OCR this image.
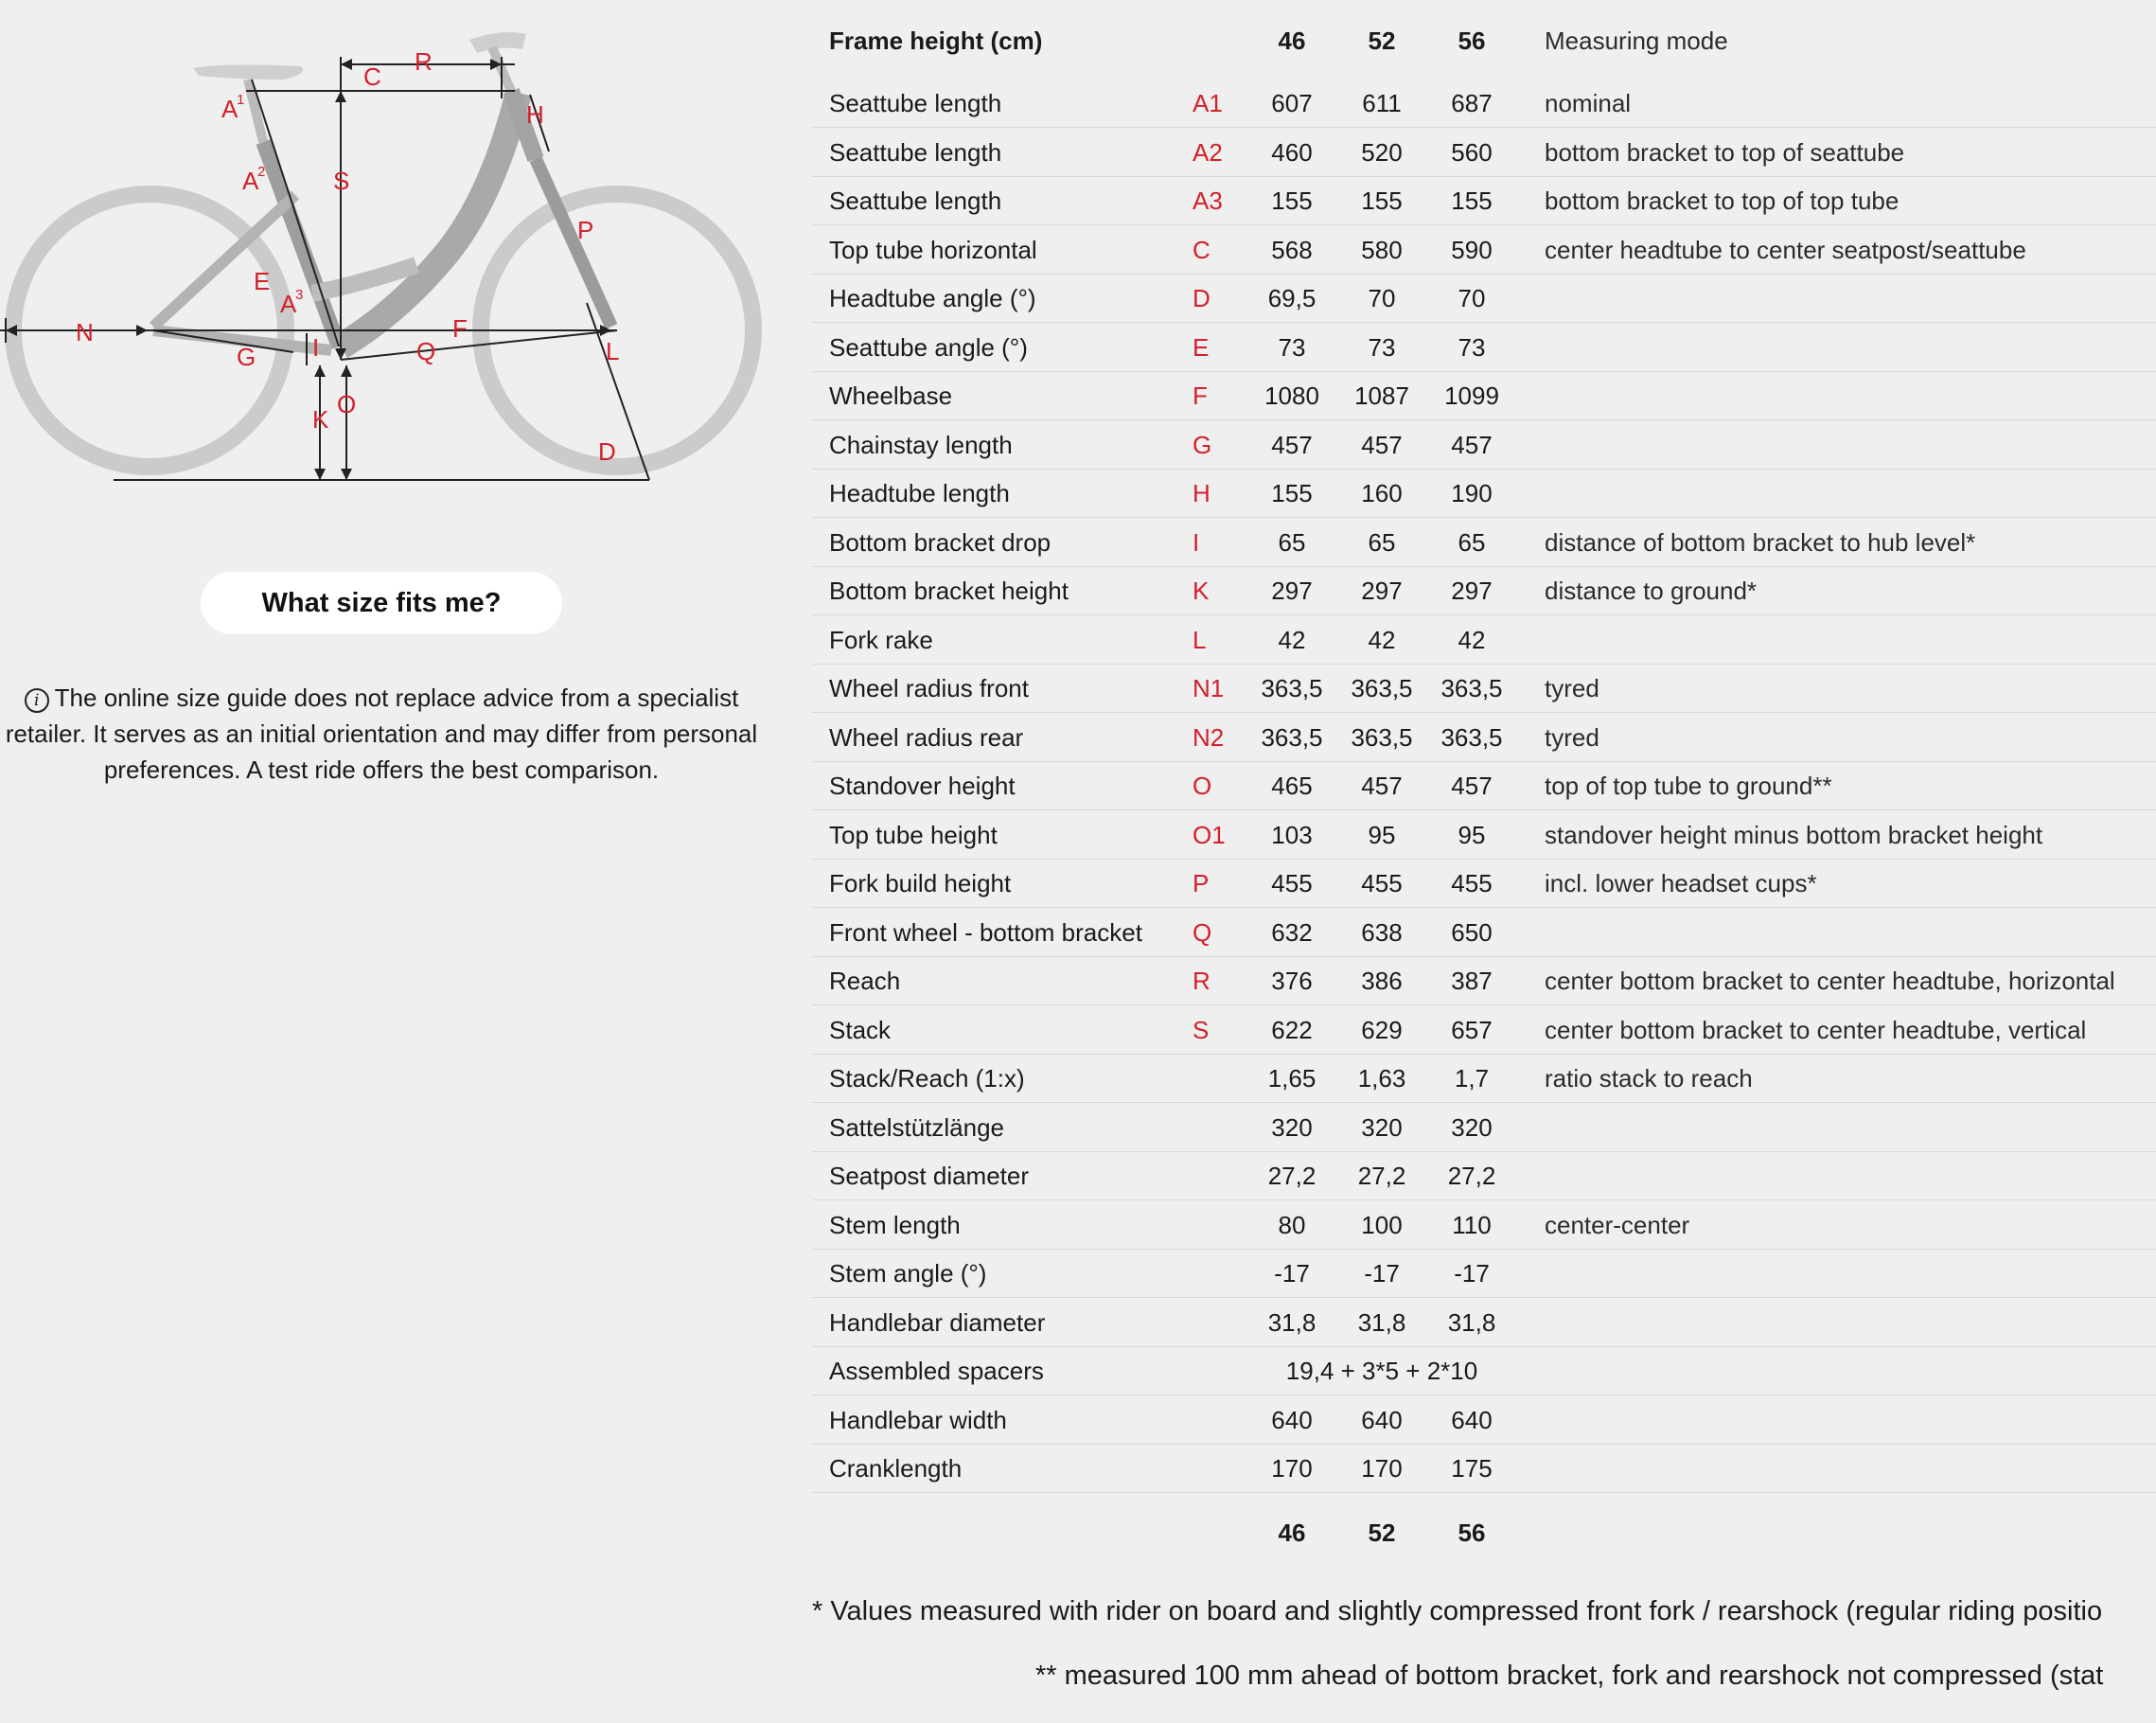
A
1
A
2
A
3
C
R
H
S
P
E
N	F
G I	Q	L
K
O
D
What size fits me?
i The online size guide does not replace advice from a specialist retailer. It serves as an initial orientation and may differ from personal preferences. A test ride offers the best comparison.
Frame height (cm)	46	52	56	Measuring mode
Seattube length	A1	607	611	687	nominal
Seattube length	A2	460	520	560	bottom bracket to top of seattube
Seattube length	A3	155	155	155	bottom bracket to top of top tube
Top tube horizontal	C	568	580	590	center headtube to center seatpost/seattube
Headtube angle (°)	D	69,5	70	70
Seattube angle (°)	E	73	73	73
Wheelbase	F	1080	1087	1099
Chainstay length	G	457	457	457
Headtube length	H	155	160	190
Bottom bracket drop	I	65	65	65	distance of bottom bracket to hub level*
Bottom bracket height	K	297	297	297	distance to ground*
Fork rake	L	42	42	42
Wheel radius front	N1	363,5	363,5	363,5	tyred
Wheel radius rear	N2	363,5	363,5	363,5	tyred
Standover height	O	465	457	457	top of top tube to ground**
Top tube height	O1	103	95	95	standover height minus bottom bracket height
Fork build height	P	455	455	455	incl. lower headset cups*
Front wheel - bottom bracket Q	632	638	650
Reach	R	376	386	387	center bottom bracket to center headtube, horizontal
Stack	S	622	629	657	center bottom bracket to center headtube, vertical
Stack/Reach (1:x)	1,65	1,63	1,7	ratio stack to reach
Sattelstützlänge	320	320	320
Seatpost diameter	27,2	27,2	27,2
Stem length	80	100	110	center-center
Stem angle (°)	-17	-17	-17
Handlebar diameter	31,8	31,8	31,8
Assembled spacers	19,4 + 3*5 + 2*10
Handlebar width	640	640	640
Cranklength	170	170	175
46	52	56
* Values measured with rider on board and slightly compressed front fork / rearshock (regular riding positio
** measured 100 mm ahead of bottom bracket, fork and rearshock not compressed (stat
